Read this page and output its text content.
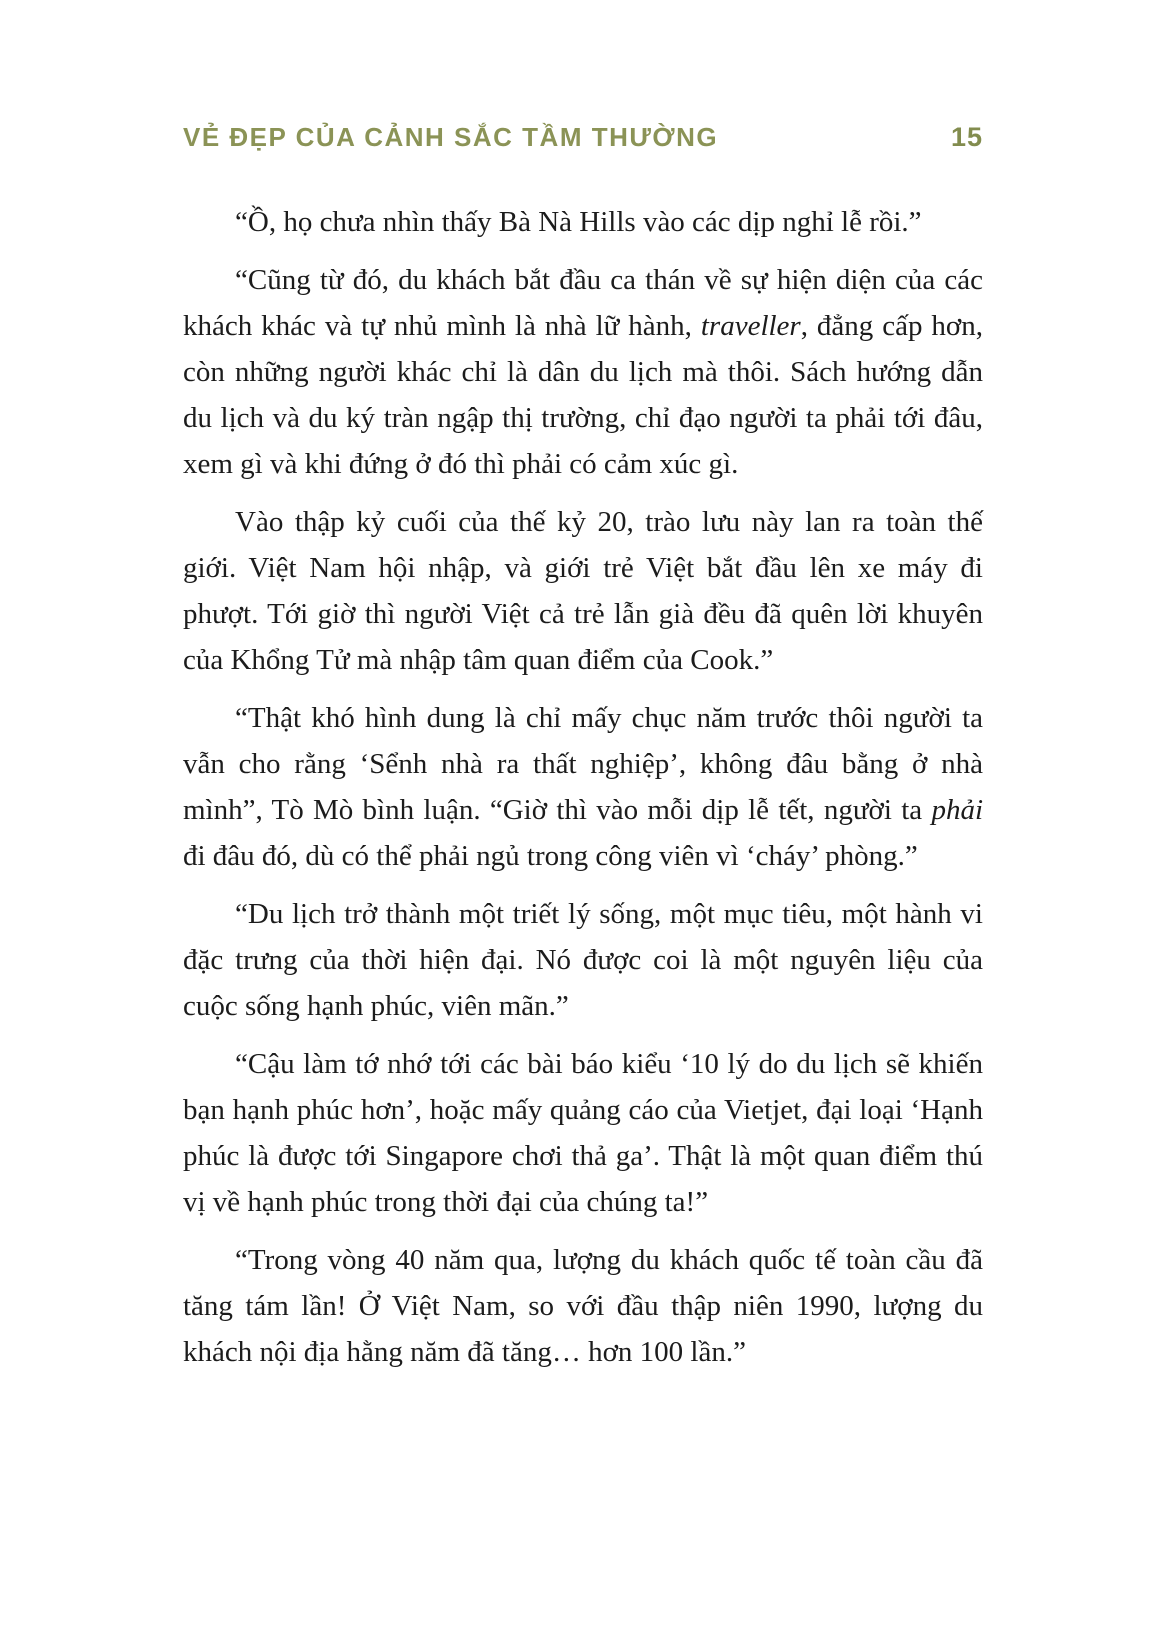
VẺ ĐẸP CỦA CẢNH SẮC TẦM THƯỜNG	15

“Ồ, họ chưa nhìn thấy Bà Nà Hills vào các dịp nghỉ lễ rồi.”

“Cũng từ đó, du khách bắt đầu ca thán về sự hiện diện của các khách khác và tự nhủ mình là nhà lữ hành, traveller, đẳng cấp hơn, còn những người khác chỉ là dân du lịch mà thôi. Sách hướng dẫn du lịch và du ký tràn ngập thị trường, chỉ đạo người ta phải tới đâu, xem gì và khi đứng ở đó thì phải có cảm xúc gì.

Vào thập kỷ cuối của thế kỷ 20, trào lưu này lan ra toàn thế giới. Việt Nam hội nhập, và giới trẻ Việt bắt đầu lên xe máy đi phượt. Tới giờ thì người Việt cả trẻ lẫn già đều đã quên lời khuyên của Khổng Tử mà nhập tâm quan điểm của Cook.”

“Thật khó hình dung là chỉ mấy chục năm trước thôi người ta vẫn cho rằng ‘Sểnh nhà ra thất nghiệp’, không đâu bằng ở nhà mình”, Tò Mò bình luận. “Giờ thì vào mỗi dịp lễ tết, người ta phải đi đâu đó, dù có thể phải ngủ trong công viên vì ‘cháy’ phòng.”

“Du lịch trở thành một triết lý sống, một mục tiêu, một hành vi đặc trưng của thời hiện đại. Nó được coi là một nguyên liệu của cuộc sống hạnh phúc, viên mãn.”

“Cậu làm tớ nhớ tới các bài báo kiểu ‘10 lý do du lịch sẽ khiến bạn hạnh phúc hơn’, hoặc mấy quảng cáo của Vietjet, đại loại ‘Hạnh phúc là được tới Singapore chơi thả ga’. Thật là một quan điểm thú vị về hạnh phúc trong thời đại của chúng ta!”

“Trong vòng 40 năm qua, lượng du khách quốc tế toàn cầu đã tăng tám lần! Ở Việt Nam, so với đầu thập niên 1990, lượng du khách nội địa hằng năm đã tăng… hơn 100 lần.”
